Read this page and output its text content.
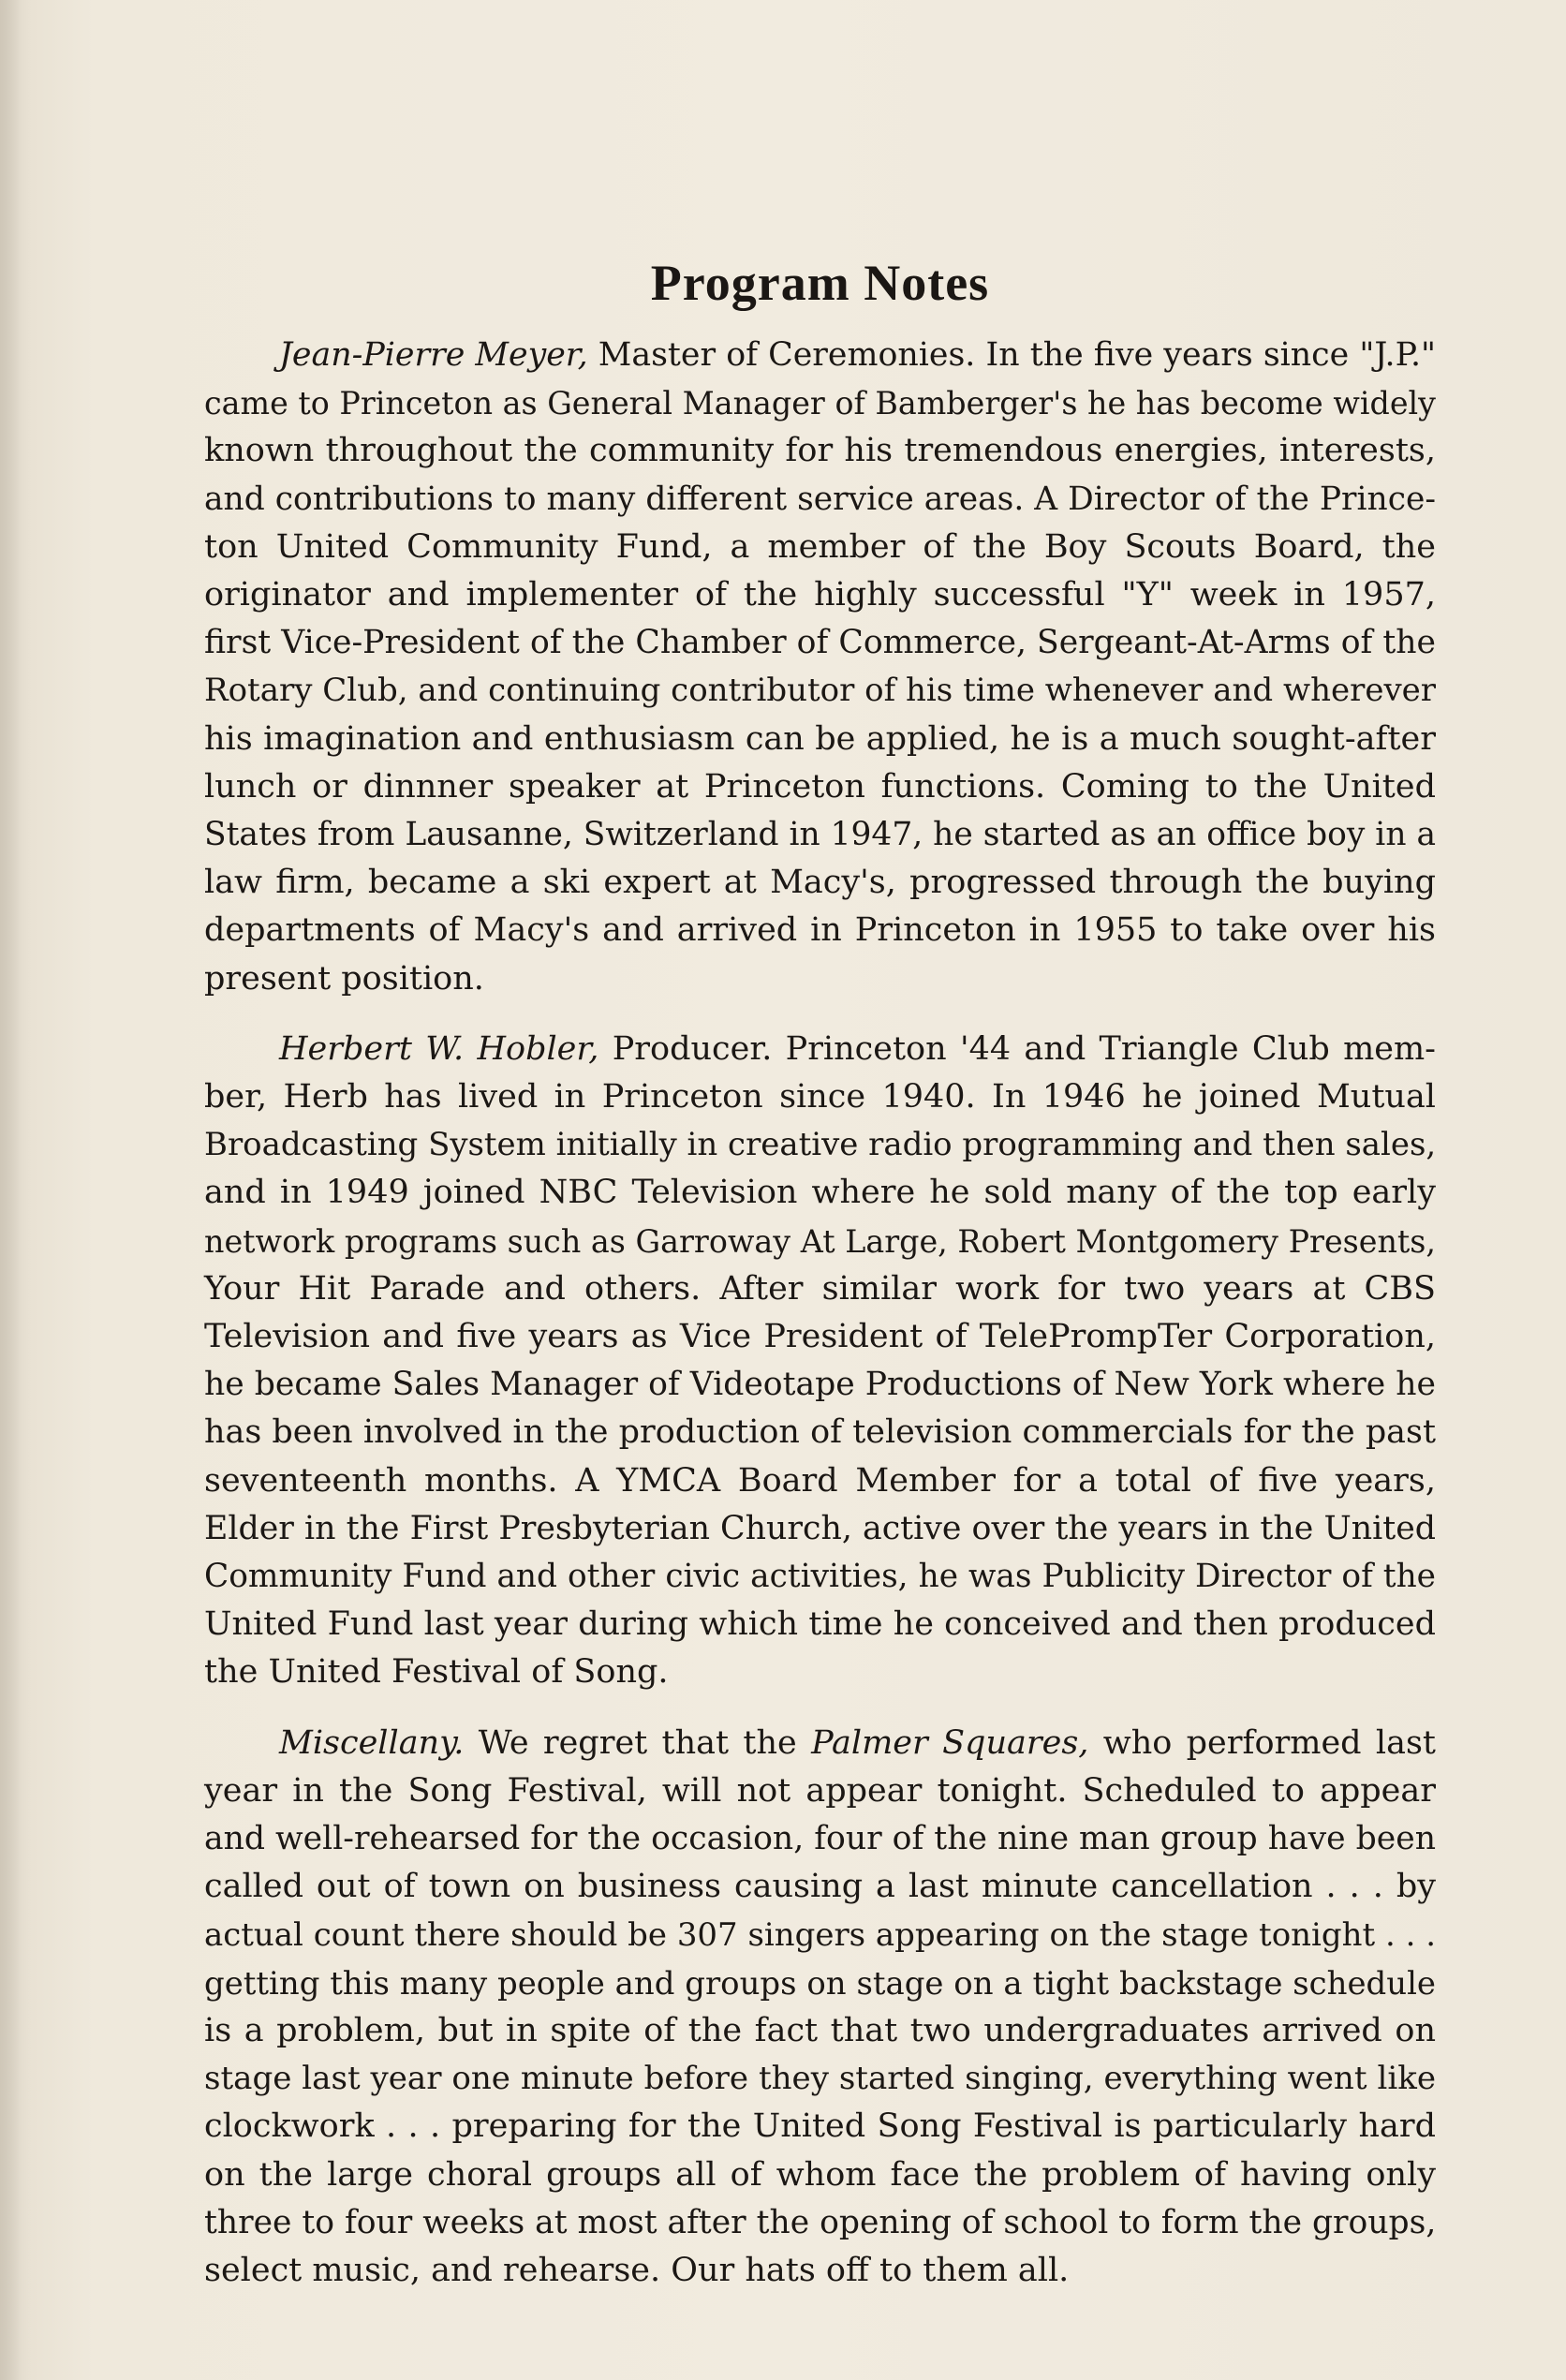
Program Notes
Jean-Pierre Meyer, Master of Ceremonies. In the five years since "J.P."
came to Princeton as General Manager of Bamberger's he has become widely
known throughout the community for his tremendous energies, interests,
and contributions to many different service areas. A Director of the Prince-
ton United Community Fund, a member of the Boy Scouts Board, the
originator and implementer of the highly successful "Y" week in 1957,
first Vice-President of the Chamber of Commerce, Sergeant-At-Arms of the
Rotary Club, and continuing contributor of his time whenever and wherever
his imagination and enthusiasm can be applied, he is a much sought-after
lunch or dinnner speaker at Princeton functions. Coming to the United
States from Lausanne, Switzerland in 1947, he started as an office boy in a
law firm, became a ski expert at Macy's, progressed through the buying
departments of Macy's and arrived in Princeton in 1955 to take over his
present position.
Herbert W. Hobler, Producer. Princeton '44 and Triangle Club mem-
ber, Herb has lived in Princeton since 1940. In 1946 he joined Mutual
Broadcasting System initially in creative radio programming and then sales,
and in 1949 joined NBC Television where he sold many of the top early
network programs such as Garroway At Large, Robert Montgomery Presents,
Your Hit Parade and others. After similar work for two years at CBS
Television and five years as Vice President of TelePrompTer Corporation,
he became Sales Manager of Videotape Productions of New York where he
has been involved in the production of television commercials for the past
seventeenth months. A YMCA Board Member for a total of five years,
Elder in the First Presbyterian Church, active over the years in the United
Community Fund and other civic activities, he was Publicity Director of the
United Fund last year during which time he conceived and then produced
the United Festival of Song.
Miscellany. We regret that the Palmer Squares, who performed last
year in the Song Festival, will not appear tonight. Scheduled to appear
and well-rehearsed for the occasion, four of the nine man group have been
called out of town on business causing a last minute cancellation . . . by
actual count there should be 307 singers appearing on the stage tonight . . .
getting this many people and groups on stage on a tight backstage schedule
is a problem, but in spite of the fact that two undergraduates arrived on
stage last year one minute before they started singing, everything went like
clockwork . . . preparing for the United Song Festival is particularly hard
on the large choral groups all of whom face the problem of having only
three to four weeks at most after the opening of school to form the groups,
select music, and rehearse. Our hats off to them all.
